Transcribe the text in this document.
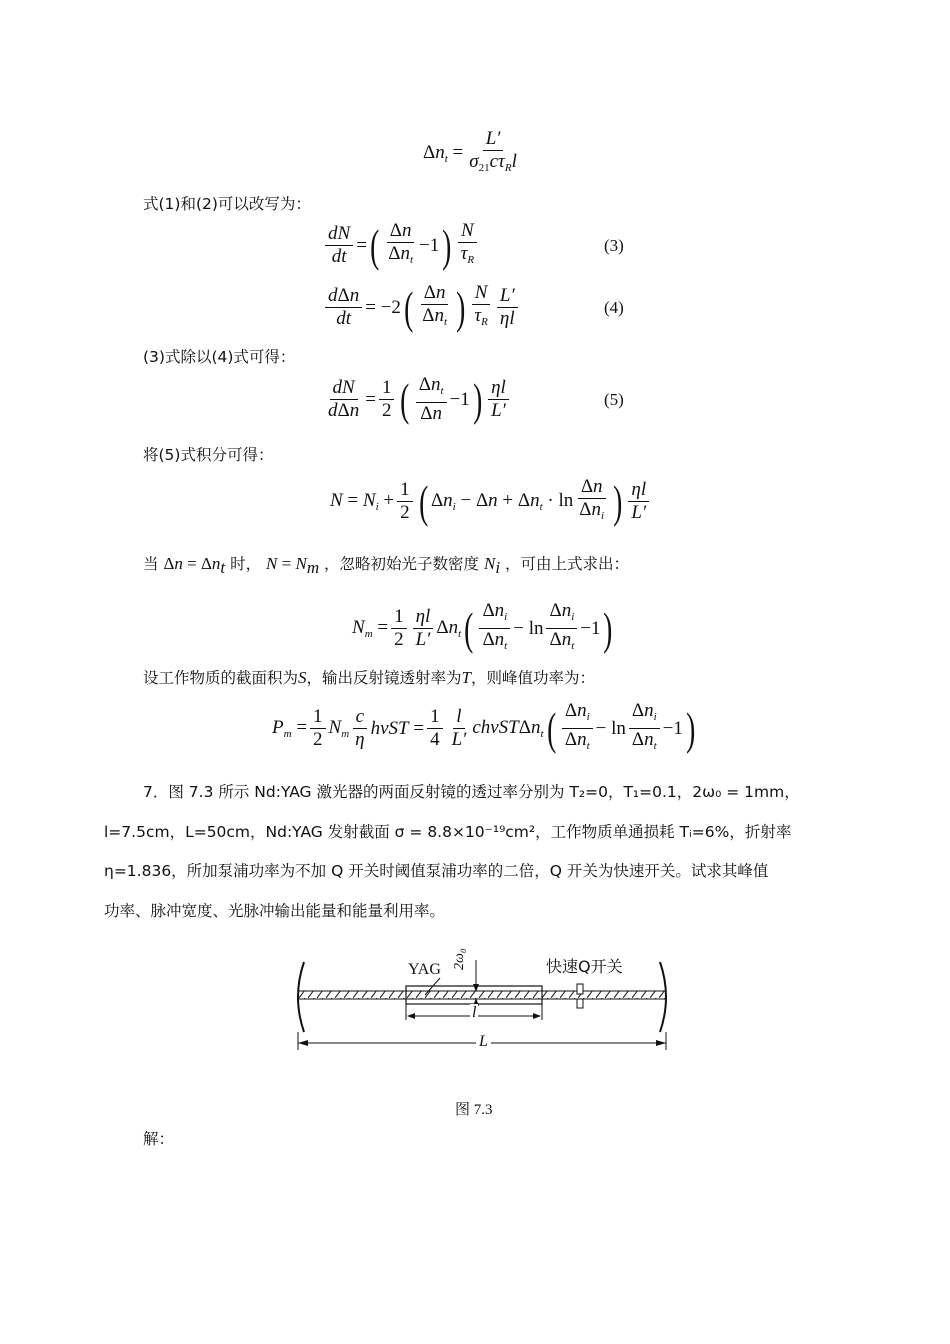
$\Delta n_t = \frac{L'}{\sigma_{21}c\tau_Rl}$
式(1)和(2)可以改写为：
$\frac{dN}{dt}$ = ( $\frac{\Delta n}{\Delta n_t} -1$ ) $\frac{N}{\tau_R}$	(3)
$\frac{\text{dΔn}}{dt} = -2$ ( $\frac{\Delta n}{\Delta n_t}$ ) $\frac{N}{\tau_R} \frac{L'}{\eta l}$	(4)
(3)式除以(4)式可得：
$\frac{dN}{\text{dΔn}} = \frac{1}{2}$ ( $\frac{\Delta n_t}{\Delta n} -1$ ) $\frac{\eta l}{L'}$	(5)
将(5)式积分可得：
$N = N_i + \frac{1}{2}$ ( $\Delta n_i - \Delta n + \Delta n_t \cdot \ln \frac{\Delta n}{\Delta n_i}$ ) $\frac{\eta l}{L'}$
当 $\Delta n = \Delta n_t$ 时， $N = N_m$ ，忽略初始光子数密度 $N_i$ ，可由上式求出：
$N_m = \frac{1}{2} \frac{\eta l}{L'} \Delta n_t$ ( $\frac{\Delta n_i}{\Delta n_t} - \ln \frac{\Delta n_i}{\Delta n_t} -1$ )
设工作物质的截面积为S，输出反射镜透射率为T，则峰值功率为：
$P_m = \frac{1}{2} N_m \frac{c}{\eta}$ $h\nu ST = \frac{1}{4} \frac{l}{L'} ch\nu ST\Delta n_t$ ( $\frac{\Delta n_i}{\Delta n_t} - \ln \frac{\Delta n_i}{\Delta n_t} -1$ )
7．图 7.3 所示 Nd:YAG 激光器的两面反射镜的透过率分别为 T₂=0，T₁=0.1，2ω₀ = 1mm，
l=7.5cm，L=50cm，Nd:YAG 发射截面 σ = 8.8×10⁻¹⁹cm²，工作物质单通损耗 Tᵢ=6%，折射率
η=1.836，所加泵浦功率为不加 Q 开关时阈值泵浦功率的二倍，Q 开关为快速开关。试求其峰值
功率、脉冲宽度、光脉冲输出能量和能量利用率。
YAG 2ω₀	快速Q开关
l
L
图 7.3
解：
